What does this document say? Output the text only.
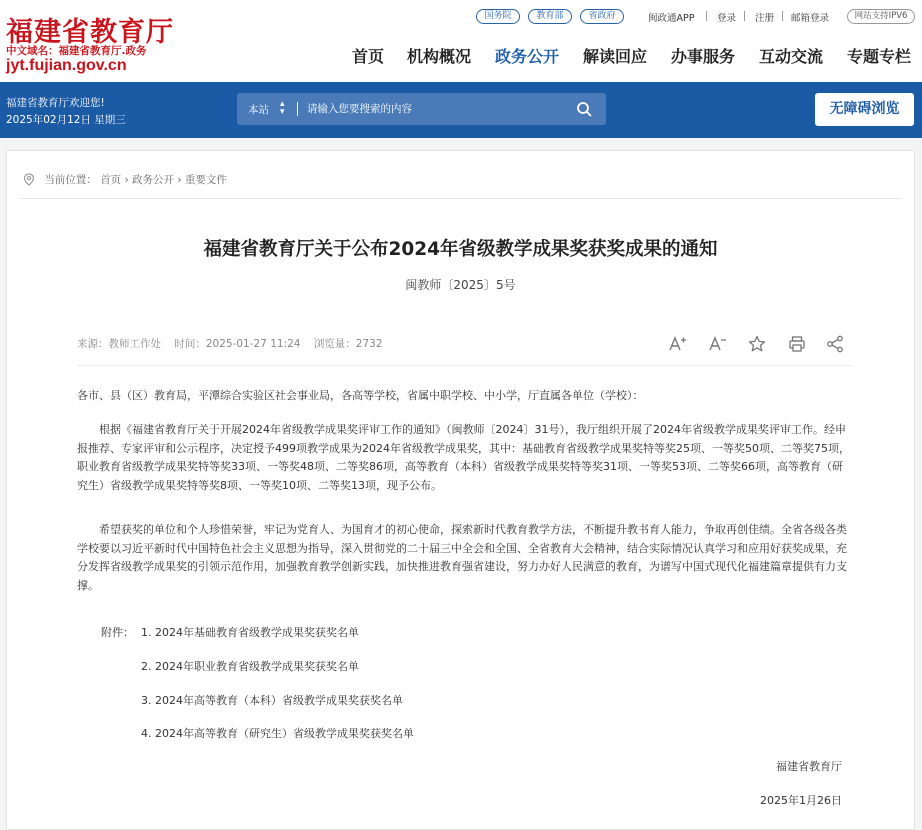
福建省教育厅
中文域名：福建省教育厅.政务
jyt.fujian.gov.cn
国务院	教育部	省政府	闽政通APP 登录 注册 邮箱登录	网站支持IPV6
首页 机构概况 政务公开 解读回应 办事服务 互动交流 专题专栏
福建省教育厅欢迎您!
2025年02月12日 星期三
本站 ▴
▾
请输入您要搜索的内容	无障碍浏览
当前位置： 首页 › 政务公开 › 重要文件
福建省教育厅关于公布2024年省级教学成果奖获奖成果的通知
闽教师〔2025〕5号
来源：教师工作处 时间：2025-01-27 11:24 浏览量：2732
各市、县（区）教育局，平潭综合实验区社会事业局，各高等学校，省属中职学校、中小学，厅直属各单位（学校）：
根据《福建省教育厅关于开展2024年省级教学成果奖评审工作的通知》（闽教师〔2024〕31号），我厅组织开展了2024年省级教学成果奖评审工作。经申报推荐、专家评审和公示程序，决定授予499项教学成果为2024年省级教学成果奖，其中：基础教育省级教学成果奖特等奖25项、一等奖50项、二等奖75项，职业教育省级教学成果奖特等奖33项、一等奖48项、二等奖86项，高等教育（本科）省级教学成果奖特等奖31项、一等奖53项、二等奖66项，高等教育（研究生）省级教学成果奖特等奖8项、一等奖10项、二等奖13项，现予公布。
希望获奖的单位和个人珍惜荣誉，牢记为党育人、为国育才的初心使命，探索新时代教育教学方法，不断提升教书育人能力，争取再创佳绩。全省各级各类学校要以习近平新时代中国特色社会主义思想为指导，深入贯彻党的二十届三中全会和全国、全省教育大会精神，结合实际情况认真学习和应用好获奖成果，充分发挥省级教学成果奖的引领示范作用，加强教育教学创新实践，加快推进教育强省建设，努力办好人民满意的教育，为谱写中国式现代化福建篇章提供有力支撑。
附件： 1. 2024年基础教育省级教学成果奖获奖名单
2. 2024年职业教育省级教学成果奖获奖名单
3. 2024年高等教育（本科）省级教学成果奖获奖名单
4. 2024年高等教育（研究生）省级教学成果奖获奖名单
福建省教育厅
2025年1月26日
